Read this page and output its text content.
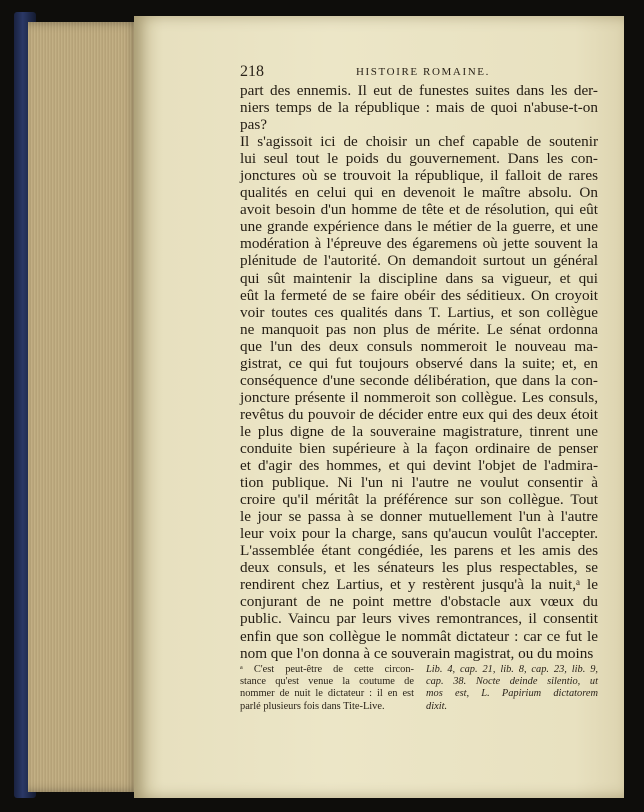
218	HISTOIRE ROMAINE.
part des ennemis. Il eut de funestes suites dans les der-
niers temps de la république : mais de quoi n'abuse-t-on
pas?
Il s'agissoit ici de choisir un chef capable de soutenir
lui seul tout le poids du gouvernement. Dans les con-
jonctures où se trouvoit la république, il falloit de rares
qualités en celui qui en devenoit le maître absolu. On
avoit besoin d'un homme de tête et de résolution, qui eût
une grande expérience dans le métier de la guerre, et une
modération à l'épreuve des égaremens où jette souvent la
plénitude de l'autorité. On demandoit surtout un général
qui sût maintenir la discipline dans sa vigueur, et qui
eût la fermeté de se faire obéir des séditieux. On croyoit
voir toutes ces qualités dans T. Lartius, et son collègue
ne manquoit pas non plus de mérite. Le sénat ordonna
que l'un des deux consuls nommeroit le nouveau ma-
gistrat, ce qui fut toujours observé dans la suite; et, en
conséquence d'une seconde délibération, que dans la con-
joncture présente il nommeroit son collègue. Les consuls,
revêtus du pouvoir de décider entre eux qui des deux étoit
le plus digne de la souveraine magistrature, tinrent une
conduite bien supérieure à la façon ordinaire de penser
et d'agir des hommes, et qui devint l'objet de l'admira-
tion publique. Ni l'un ni l'autre ne voulut consentir à
croire qu'il méritât la préférence sur son collègue. Tout
le jour se passa à se donner mutuellement l'un à l'autre
leur voix pour la charge, sans qu'aucun voulût l'accepter.
L'assemblée étant congédiée, les parens et les amis des
deux consuls, et les sénateurs les plus respectables, se
rendirent chez Lartius, et y restèrent jusqu'à la nuit,ᵃ le
conjurant de ne point mettre d'obstacle aux vœux du
public. Vaincu par leurs vives remontrances, il consentit
enfin que son collègue le nommât dictateur : car ce fut le
nom que l'on donna à ce souverain magistrat, ou du moins
ᵃ C'est peut-être de cette circon-
stance qu'est venue la coutume de
nommer de nuit le dictateur : il en est
parlé plusieurs fois dans Tite-Live.
Lib. 4, cap. 21, lib. 8, cap. 23, lib. 9,
cap. 38. Nocte deinde silentio, ut
mos est, L. Papirium dictatorem
dixit.
